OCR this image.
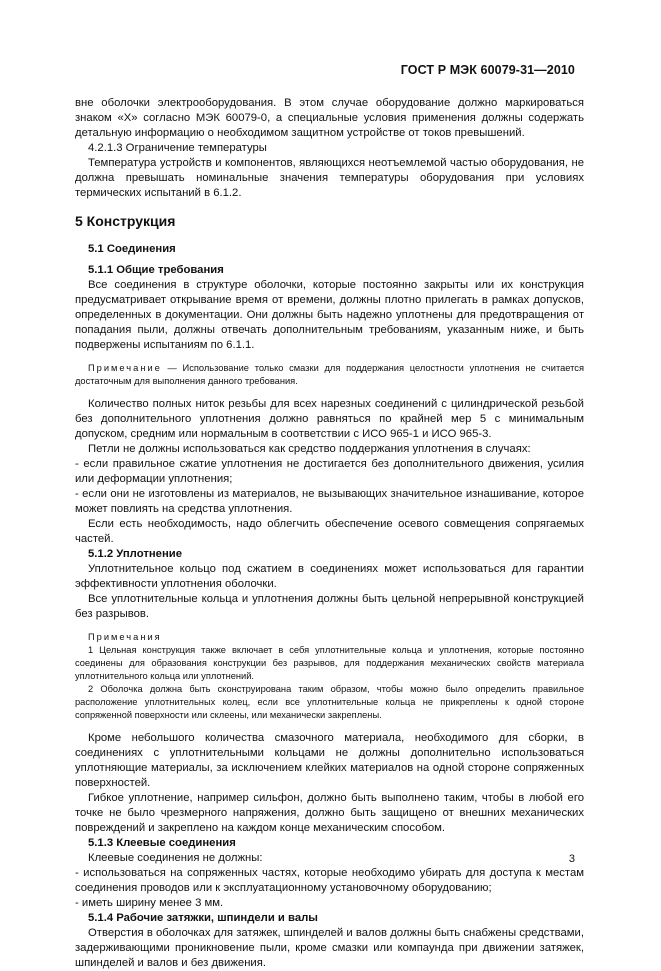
ГОСТ Р МЭК 60079-31—2010

вне оболочки электрооборудования. В этом случае оборудование должно маркироваться знаком «X» согласно МЭК 60079-0, а специальные условия применения должны содержать детальную информацию о необходимом защитном устройстве от токов превышений.

4.2.1.3 Ограничение температуры

Температура устройств и компонентов, являющихся неотъемлемой частью оборудования, не должна превышать номинальные значения температуры оборудования при условиях термических испытаний в 6.1.2.

5 Конструкция

5.1 Соединения

5.1.1 Общие требования

Все соединения в структуре оболочки, которые постоянно закрыты или их конструкция предусматривает открывание время от времени, должны плотно прилегать в рамках допусков, определенных в документации. Они должны быть надежно уплотнены для предотвращения от попадания пыли, должны отвечать дополнительным требованиям, указанным ниже, и быть подвержены испытаниям по 6.1.1.

Примечание — Использование только смазки для поддержания целостности уплотнения не считается достаточным для выполнения данного требования.

Количество полных ниток резьбы для всех нарезных соединений с цилиндрической резьбой без дополнительного уплотнения должно равняться по крайней мер 5 с минимальным допуском, средним или нормальным в соответствии с ИСО 965-1 и ИСО 965-3.

Петли не должны использоваться как средство поддержания уплотнения в случаях:

- если правильное сжатие уплотнения не достигается без дополнительного движения, усилия или деформации уплотнения;

- если они не изготовлены из материалов, не вызывающих значительное изнашивание, которое может повлиять на средства уплотнения.

Если есть необходимость, надо облегчить обеспечение осевого совмещения сопрягаемых частей.

5.1.2 Уплотнение

Уплотнительное кольцо под сжатием в соединениях может использоваться для гарантии эффективности уплотнения оболочки.

Все уплотнительные кольца и уплотнения должны быть цельной непрерывной конструкцией без разрывов.

Примечания

1 Цельная конструкция также включает в себя уплотнительные кольца и уплотнения, которые постоянно соединены для образования конструкции без разрывов, для поддержания механических свойств материала уплотнительного кольца или уплотнений.

2 Оболочка должна быть сконструирована таким образом, чтобы можно было определить правильное расположение уплотнительных колец, если все уплотнительные кольца не прикреплены к одной стороне сопряженной поверхности или склеены, или механически закреплены.

Кроме небольшого количества смазочного материала, необходимого для сборки, в соединениях с уплотнительными кольцами не должны дополнительно использоваться уплотняющие материалы, за исключением клейких материалов на одной стороне сопряженных поверхностей.

Гибкое уплотнение, например сильфон, должно быть выполнено таким, чтобы в любой его точке не было чрезмерного напряжения, должно быть защищено от внешних механических повреждений и закреплено на каждом конце механическим способом.

5.1.3 Клеевые соединения

Клеевые соединения не должны:

- использоваться на сопряженных частях, которые необходимо убирать для доступа к местам соединения проводов или к эксплуатационному установочному оборудованию;

- иметь ширину менее 3 мм.

5.1.4 Рабочие затяжки, шпиндели и валы

Отверстия в оболочках для затяжек, шпинделей и валов должны быть снабжены средствами, задерживающими проникновение пыли, кроме смазки или компаунда при движении затяжек, шпинделей и валов и без движения.

3
